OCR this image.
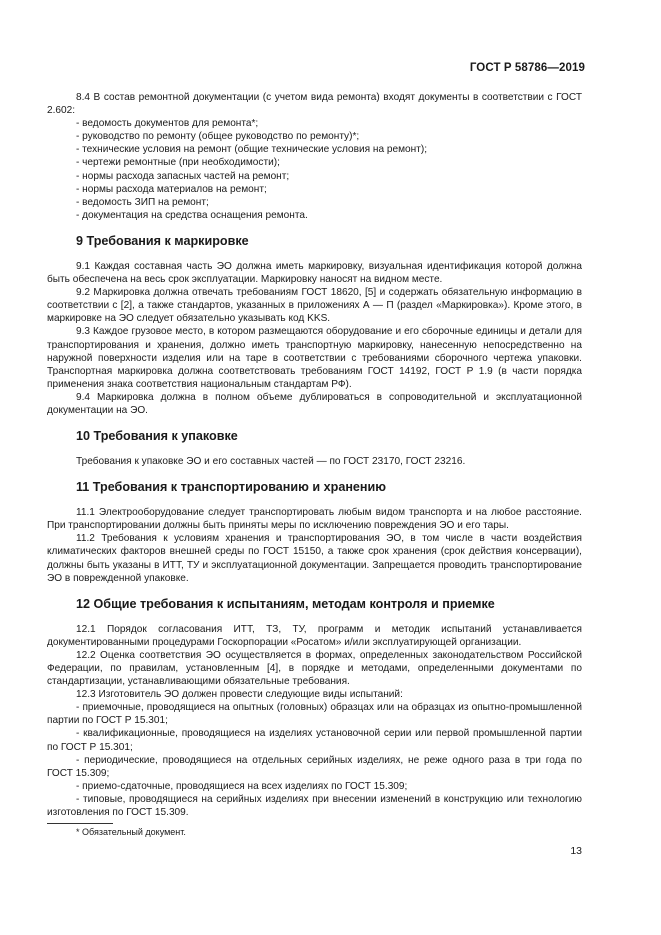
ГОСТ Р 58786—2019

8.4 В состав ремонтной документации (с учетом вида ремонта) входят документы в соответствии с ГОСТ 2.602:

- ведомость документов для ремонта*;

- руководство по ремонту (общее руководство по ремонту)*;

- технические условия на ремонт (общие технические условия на ремонт);

- чертежи ремонтные (при необходимости);

- нормы расхода запасных частей на ремонт;

- нормы расхода материалов на ремонт;

- ведомость ЗИП на ремонт;

- документация на средства оснащения ремонта.

9 Требования к маркировке

9.1 Каждая составная часть ЭО должна иметь маркировку, визуальная идентификация которой должна быть обеспечена на весь срок эксплуатации. Маркировку наносят на видном месте.

9.2 Маркировка должна отвечать требованиям ГОСТ 18620, [5] и содержать обязательную информацию в соответствии с [2], а также стандартов, указанных в приложениях А — П (раздел «Маркировка»). Кроме этого, в маркировке на ЭО следует обязательно указывать код KKS.

9.3 Каждое грузовое место, в котором размещаются оборудование и его сборочные единицы и детали для транспортирования и хранения, должно иметь транспортную маркировку, нанесенную непосредственно на наружной поверхности изделия или на таре в соответствии с требованиями сборочного чертежа упаковки. Транспортная маркировка должна соответствовать требованиям ГОСТ 14192, ГОСТ Р 1.9 (в части порядка применения знака соответствия национальным стандартам РФ).

9.4 Маркировка должна в полном объеме дублироваться в сопроводительной и эксплуатационной документации на ЭО.

10 Требования к упаковке

Требования к упаковке ЭО и его составных частей — по ГОСТ 23170, ГОСТ 23216.

11 Требования к транспортированию и хранению

11.1 Электрооборудование следует транспортировать любым видом транспорта и на любое расстояние. При транспортировании должны быть приняты меры по исключению повреждения ЭО и его тары.

11.2 Требования к условиям хранения и транспортирования ЭО, в том числе в части воздействия климатических факторов внешней среды по ГОСТ 15150, а также срок хранения (срок действия консервации), должны быть указаны в ИТТ, ТУ и эксплуатационной документации. Запрещается проводить транспортирование ЭО в поврежденной упаковке.

12 Общие требования к испытаниям, методам контроля и приемке

12.1 Порядок согласования ИТТ, ТЗ, ТУ, программ и методик испытаний устанавливается документированными процедурами Госкорпорации «Росатом» и/или эксплуатирующей организации.

12.2 Оценка соответствия ЭО осуществляется в формах, определенных законодательством Российской Федерации, по правилам, установленным [4], в порядке и методами, определенными документами по стандартизации, устанавливающими обязательные требования.

12.3 Изготовитель ЭО должен провести следующие виды испытаний:

- приемочные, проводящиеся на опытных (головных) образцах или на образцах из опытно-промышленной партии по ГОСТ Р 15.301;

- квалификационные, проводящиеся на изделиях установочной серии или первой промышленной партии по ГОСТ Р 15.301;

- периодические, проводящиеся на отдельных серийных изделиях, не реже одного раза в три года по ГОСТ 15.309;

- приемо-сдаточные, проводящиеся на всех изделиях по ГОСТ 15.309;

- типовые, проводящиеся на серийных изделиях при внесении изменений в конструкцию или технологию изготовления по ГОСТ 15.309.

* Обязательный документ.

13
